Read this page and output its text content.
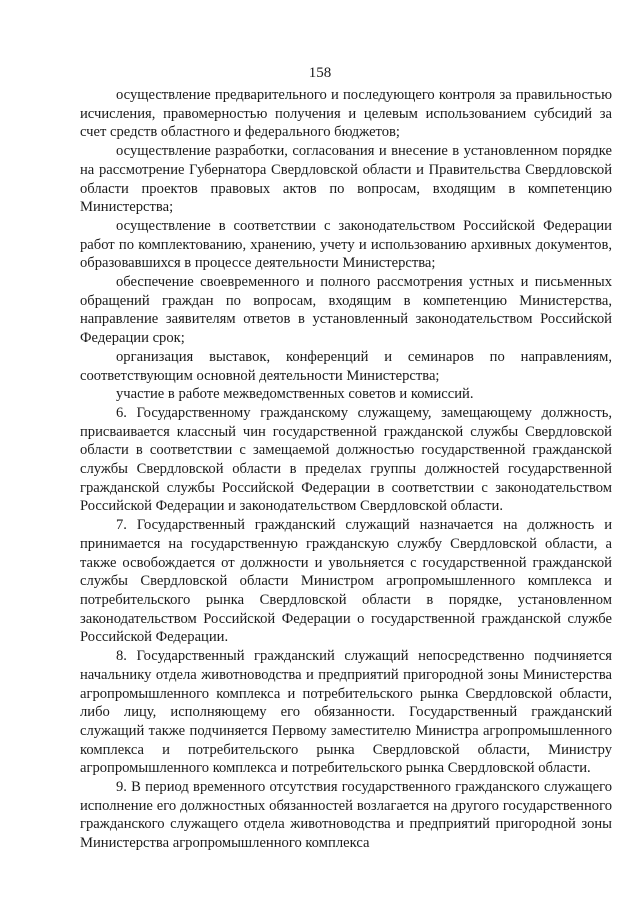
158

осуществление предварительного и последующего контроля за правильностью исчисления, правомерностью получения и целевым использованием субсидий за счет средств областного и федерального бюджетов;

осуществление разработки, согласования и внесение в установленном порядке на рассмотрение Губернатора Свердловской области и Правительства Свердловской области проектов правовых актов по вопросам, входящим в компетенцию Министерства;

осуществление в соответствии с законодательством Российской Федерации работ по комплектованию, хранению, учету и использованию архивных документов, образовавшихся в процессе деятельности Министерства;

обеспечение своевременного и полного рассмотрения устных и письменных обращений граждан по вопросам, входящим в компетенцию Министерства, направление заявителям ответов в установленный законодательством Российской Федерации срок;

организация выставок, конференций и семинаров по направлениям, соответствующим основной деятельности Министерства;

участие в работе межведомственных советов и комиссий.

6. Государственному гражданскому служащему, замещающему должность, присваивается классный чин государственной гражданской службы Свердловской области в соответствии с замещаемой должностью государственной гражданской службы Свердловской области в пределах группы должностей государственной гражданской службы Российской Федерации в соответствии с законодательством Российской Федерации и законодательством Свердловской области.

7. Государственный гражданский служащий назначается на должность и принимается на государственную гражданскую службу Свердловской области, а также освобождается от должности и увольняется с государственной гражданской службы Свердловской области Министром агропромышленного комплекса и потребительского рынка Свердловской области в порядке, установленном законодательством Российской Федерации о государственной гражданской службе Российской Федерации.

8. Государственный гражданский служащий непосредственно подчиняется начальнику отдела животноводства и предприятий пригородной зоны Министерства агропромышленного комплекса и потребительского рынка Свердловской области, либо лицу, исполняющему его обязанности. Государственный гражданский служащий также подчиняется Первому заместителю Министра агропромышленного комплекса и потребительского рынка Свердловской области, Министру агропромышленного комплекса и потребительского рынка Свердловской области.

9. В период временного отсутствия государственного гражданского служащего исполнение его должностных обязанностей возлагается на другого государственного гражданского служащего отдела животноводства и предприятий пригородной зоны Министерства агропромышленного комплекса
